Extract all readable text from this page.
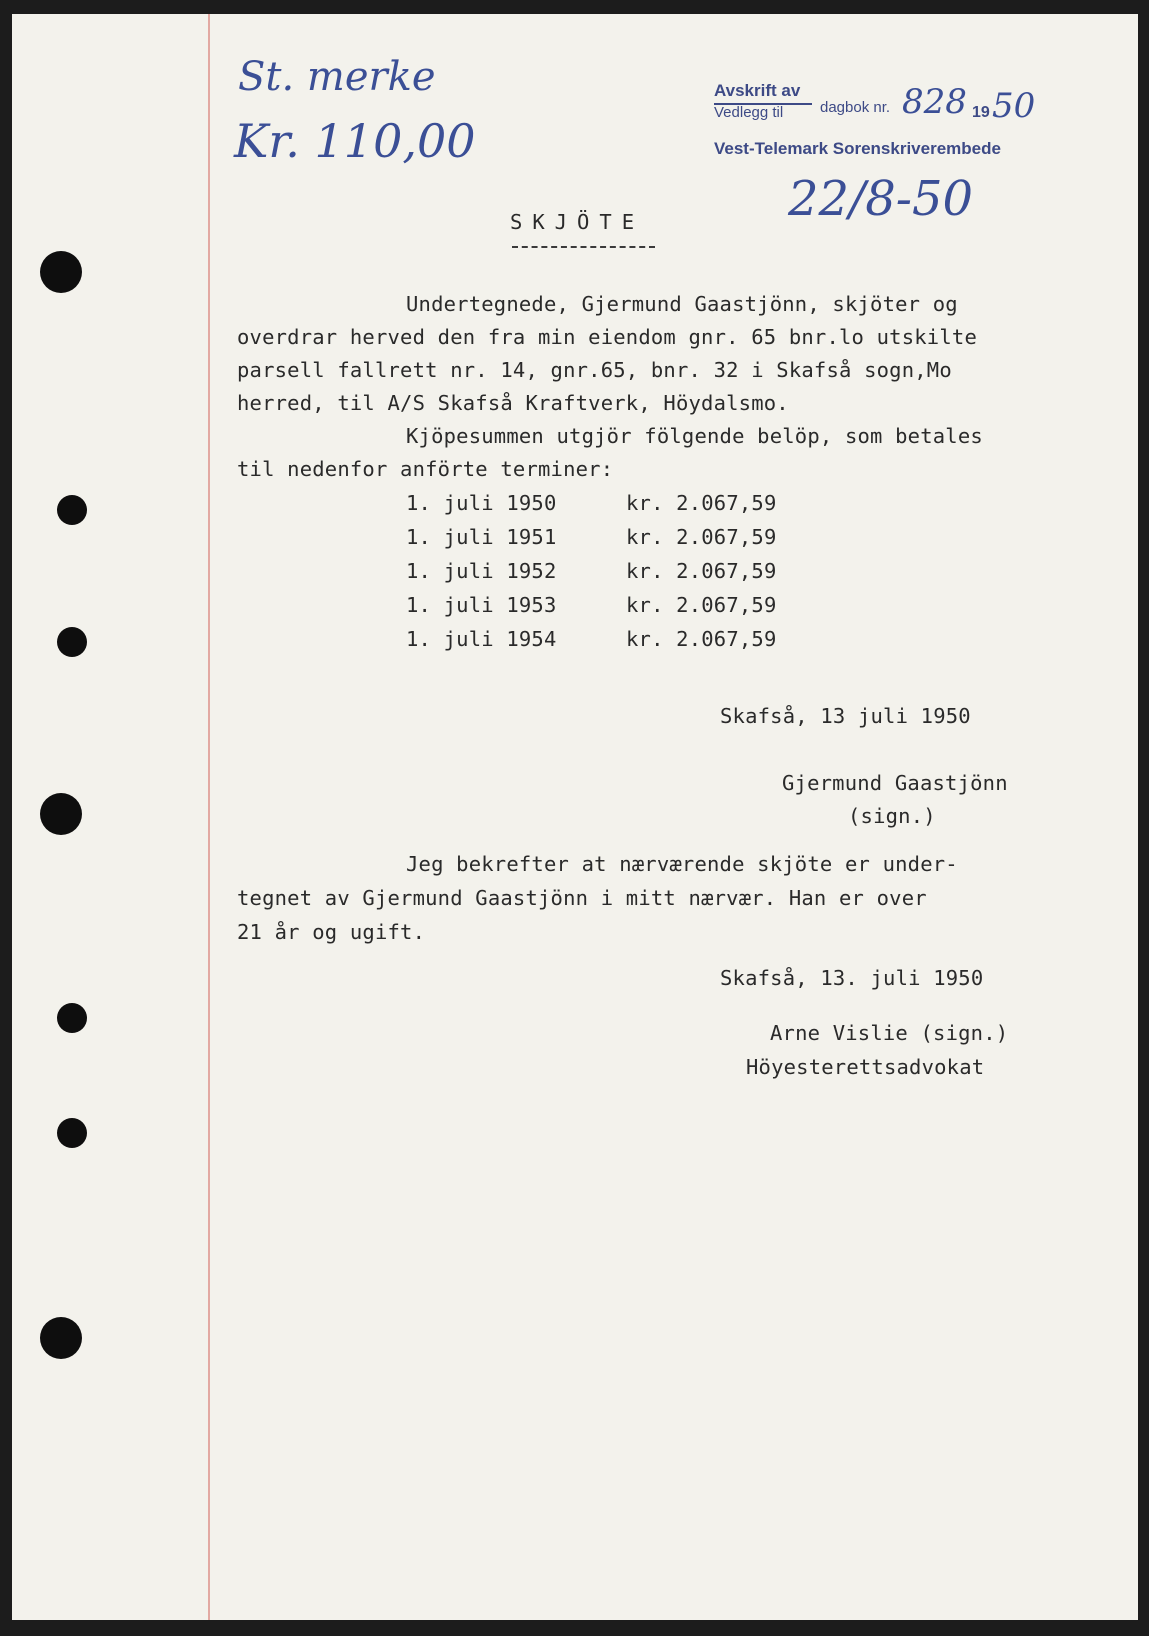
St. merke
Kr. 110,00
Avskrift av
Vedlegg til dagbok nr. 828 19 50
Vest-Telemark Sorenskriverembede
22/8-50
SKJÖTE
Undertegnede, Gjermund Gaastjönn, skjöter og
overdrar herved den fra min eiendom gnr. 65 bnr.lo utskilte
parsell fallrett nr. 14, gnr.65, bnr. 32 i Skafså sogn,Mo
herred, til A/S Skafså Kraftverk, Höydalsmo.
Kjöpesummen utgjör fölgende belöp, som betales
til nedenfor anförte terminer:
1. juli 1950	kr. 2.067,59
1. juli 1951	kr. 2.067,59
1. juli 1952	kr. 2.067,59
1. juli 1953	kr. 2.067,59
1. juli 1954	kr. 2.067,59
Skafså, 13 juli 1950
Gjermund Gaastjönn
(sign.)
Jeg bekrefter at nærværende skjöte er under-
tegnet av Gjermund Gaastjönn i mitt nærvær. Han er over
21 år og ugift.
Skafså, 13. juli 1950
Arne Vislie (sign.)
Höyesterettsadvokat
